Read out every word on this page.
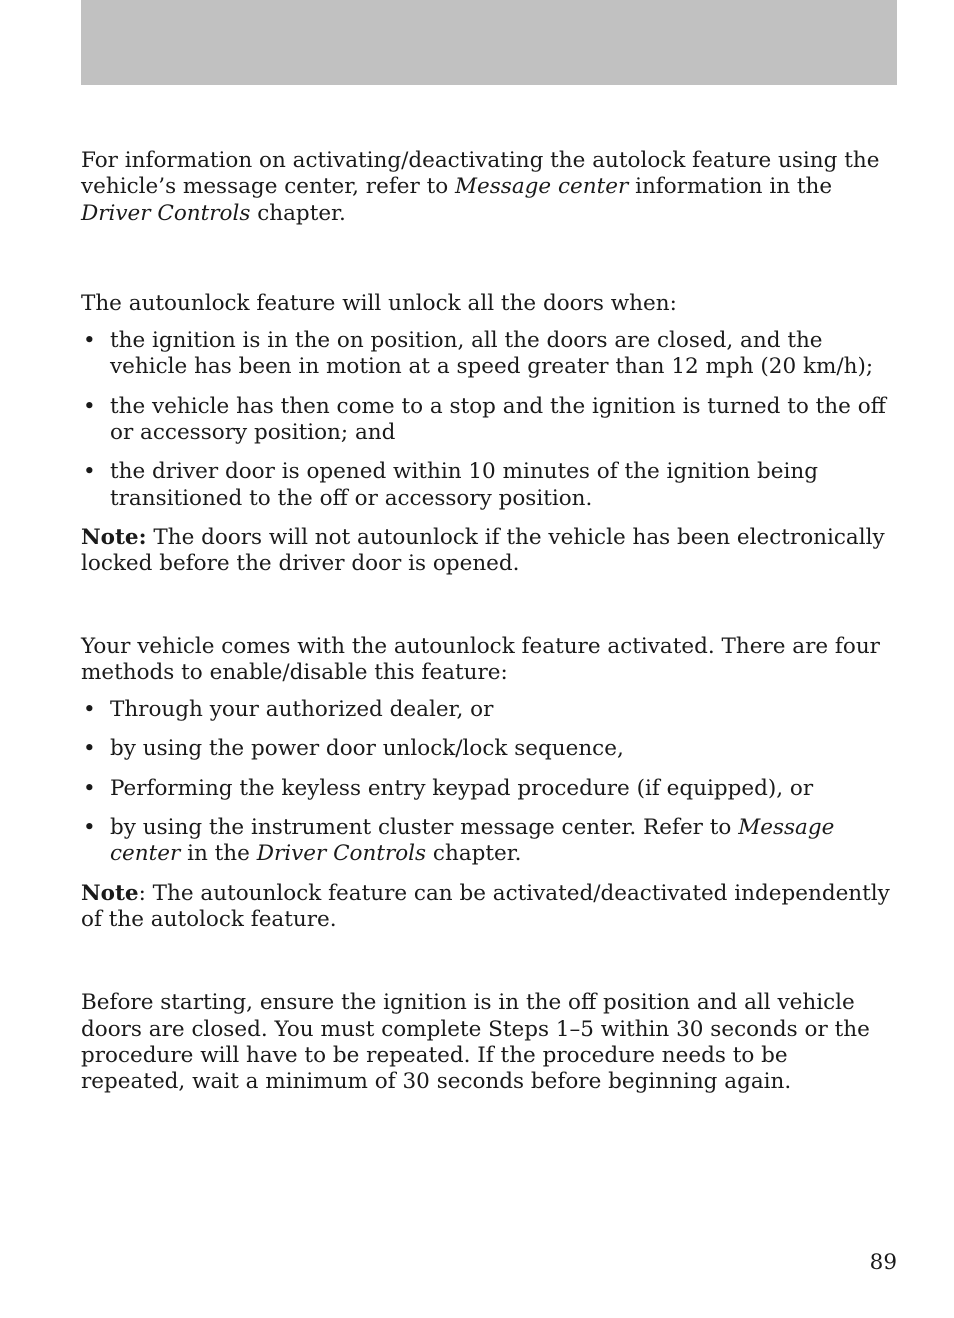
For information on activating/deactivating the autolock feature using the vehicle’s message center, refer to Message center information in the Driver Controls chapter.

The autounlock feature will unlock all the doors when:

• the ignition is in the on position, all the doors are closed, and the vehicle has been in motion at a speed greater than 12 mph (20 km/h);
• the vehicle has then come to a stop and the ignition is turned to the off or accessory position; and
• the driver door is opened within 10 minutes of the ignition being transitioned to the off or accessory position.

Note: The doors will not autounlock if the vehicle has been electronically locked before the driver door is opened.

Your vehicle comes with the autounlock feature activated. There are four methods to enable/disable this feature:

• Through your authorized dealer, or
• by using the power door unlock/lock sequence,
• Performing the keyless entry keypad procedure (if equipped), or
• by using the instrument cluster message center. Refer to Message center in the Driver Controls chapter.

Note: The autounlock feature can be activated/deactivated independently of the autolock feature.

Before starting, ensure the ignition is in the off position and all vehicle doors are closed. You must complete Steps 1–5 within 30 seconds or the procedure will have to be repeated. If the procedure needs to be repeated, wait a minimum of 30 seconds before beginning again.

89
